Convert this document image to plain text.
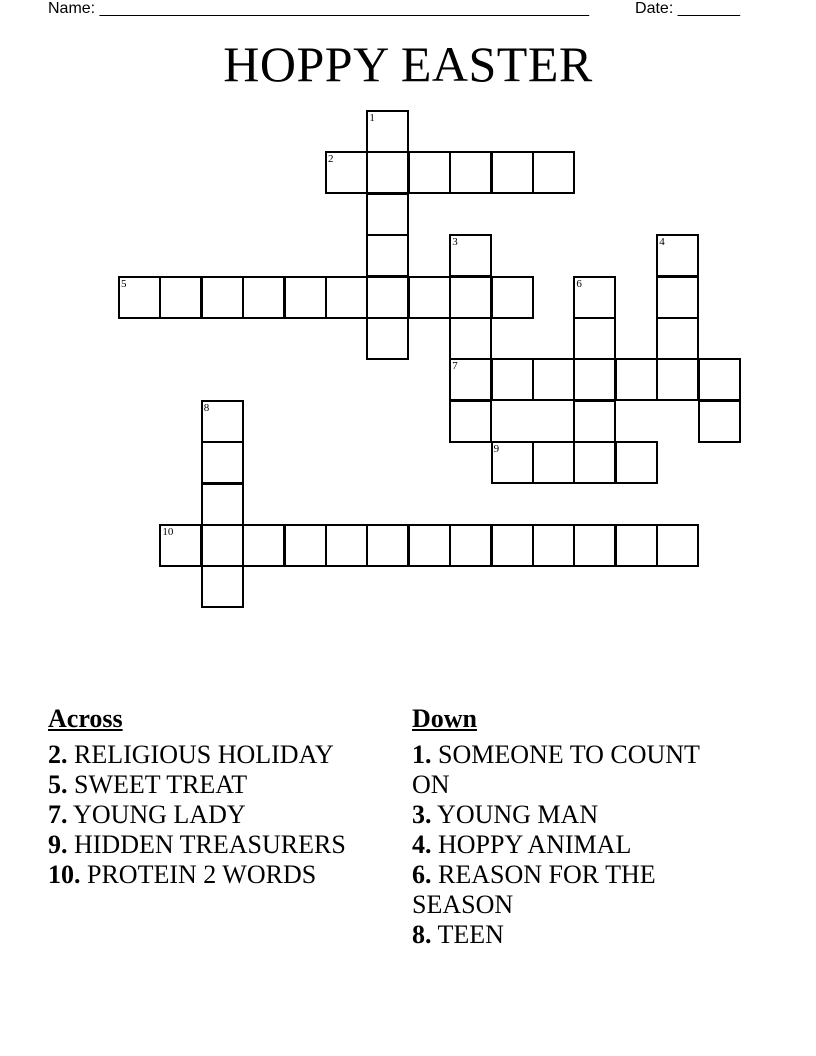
Name: _______________________________________________________	Date: _______
HOPPY EASTER
1
2
3	4
5	6
7
8
9
10
Across

2. RELIGIOUS HOLIDAY

5. SWEET TREAT

7. YOUNG LADY

9. HIDDEN TREASURERS

10. PROTEIN 2 WORDS

Down

1. SOMEONE TO COUNT ON

3. YOUNG MAN

4. HOPPY ANIMAL

6. REASON FOR THE SEASON

8. TEEN
